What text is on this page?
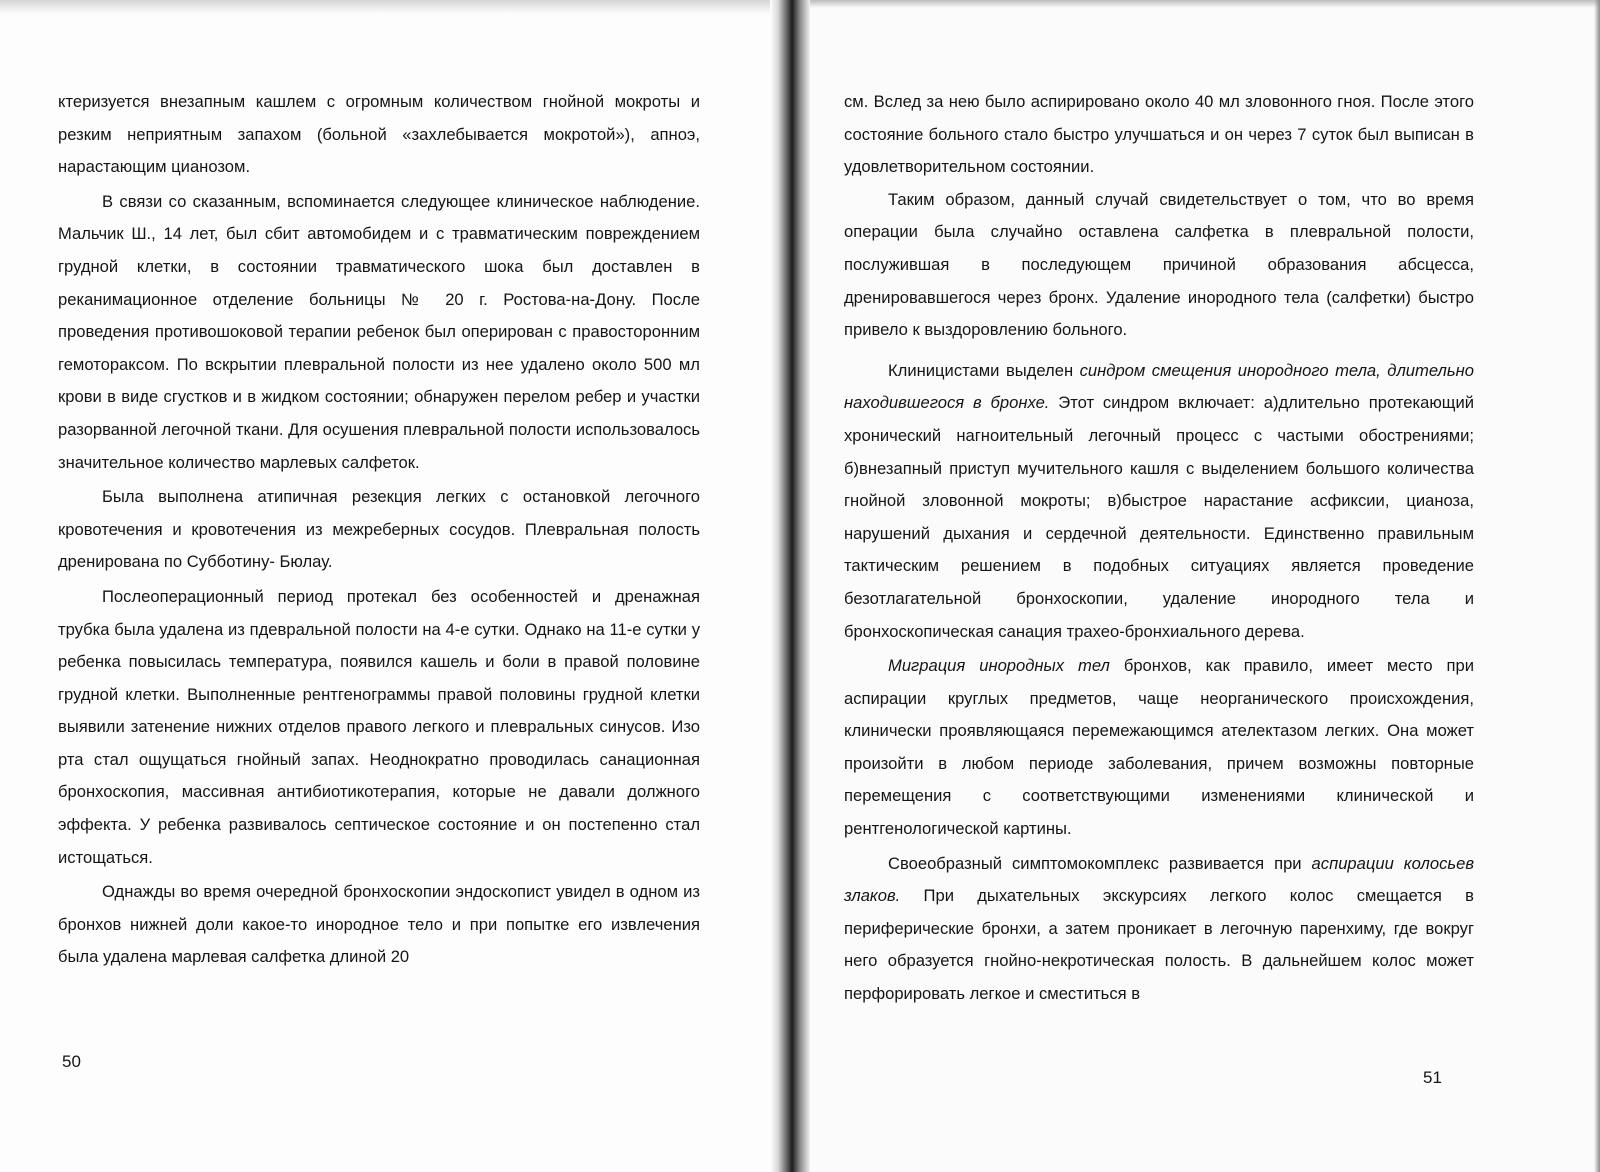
ктеризуется внезапным кашлем с огромным количеством гнойной мокроты и резким неприятным запахом (больной «захлебывается мокротой»), апноэ, нарастающим цианозом.

В связи со сказанным, вспоминается следующее клиническое наблюдение. Мальчик Ш., 14 лет, был сбит автомобидем и с травматическим повреждением грудной клетки, в состоянии травматического шока был доставлен в реканимационное отделение больницы № 20 г. Ростова-на-Дону. После проведения противошоковой терапии ребенок был оперирован с правосторонним гемотораксом. По вскрытии плевральной полости из нее удалено около 500 мл крови в виде сгустков и в жидком состоянии; обнаружен перелом ребер и участки разорванной легочной ткани. Для осушения плевральной полости использовалось значительное количество марлевых салфеток.

Была выполнена атипичная резекция легких с остановкой легочного кровотечения и кровотечения из межреберных сосудов. Плевральная полость дренирована по Субботину- Бюлау.

Послеоперационный период протекал без особенностей и дренажная трубка была удалена из пдевральной полости на 4-е сутки. Однако на 11-е сутки у ребенка повысилась температура, появился кашель и боли в правой половине грудной клетки. Выполненные рентгенограммы правой половины грудной клетки выявили затенение нижних отделов правого легкого и плевральных синусов. Изо рта стал ощущаться гнойный запах. Неоднократно проводилась санационная бронхоскопия, массивная антибиотикотерапия, которые не давали должного эффекта. У ребенка развивалось септическое состояние и он постепенно стал истощаться.

Однажды во время очередной бронхоскопии эндоскопист увидел в одном из бронхов нижней доли какое-то инородное тело и при попытке его извлечения была удалена марлевая салфетка длиной 20

50

см. Вслед за нею было аспирировано около 40 мл зловонного гноя. После этого состояние больного стало быстро улучшаться и он через 7 суток был выписан в удовлетворительном состоянии.

Таким образом, данный случай свидетельствует о том, что во время операции была случайно оставлена салфетка в плевральной полости, послужившая в последующем причиной образования абсцесса, дренировавшегося через бронх. Удаление инородного тела (салфетки) быстро привело к выздоровлению больного.

Клиницистами выделен синдром смещения инородного тела, длительно находившегося в бронхе. Этот синдром включает: а)длительно протекающий хронический нагноительный легочный процесс с частыми обострениями; б)внезапный приступ мучительного кашля с выделением большого количества гнойной зловонной мокроты; в)быстрое нарастание асфиксии, цианоза, нарушений дыхания и сердечной деятельности. Единственно правильным тактическим решением в подобных ситуациях является проведение безотлагательной бронхоскопии, удаление инородного тела и бронхоскопическая санация трахео-бронхиального дерева.

Миграция инородных тел бронхов, как правило, имеет место при аспирации круглых предметов, чаще неорганического происхождения, клинически проявляющаяся перемежающимся ателектазом легких. Она может произойти в любом периоде заболевания, причем возможны повторные перемещения с соответствующими изменениями клинической и рентгенологической картины.

Своеобразный симптомокомплекс развивается при аспирации колосьев злаков. При дыхательных экскурсиях легкого колос смещается в периферические бронхи, а затем проникает в легочную паренхиму, где вокруг него образуется гнойно-некротическая полость. В дальнейшем колос может перфорировать легкое и сместиться в

51
